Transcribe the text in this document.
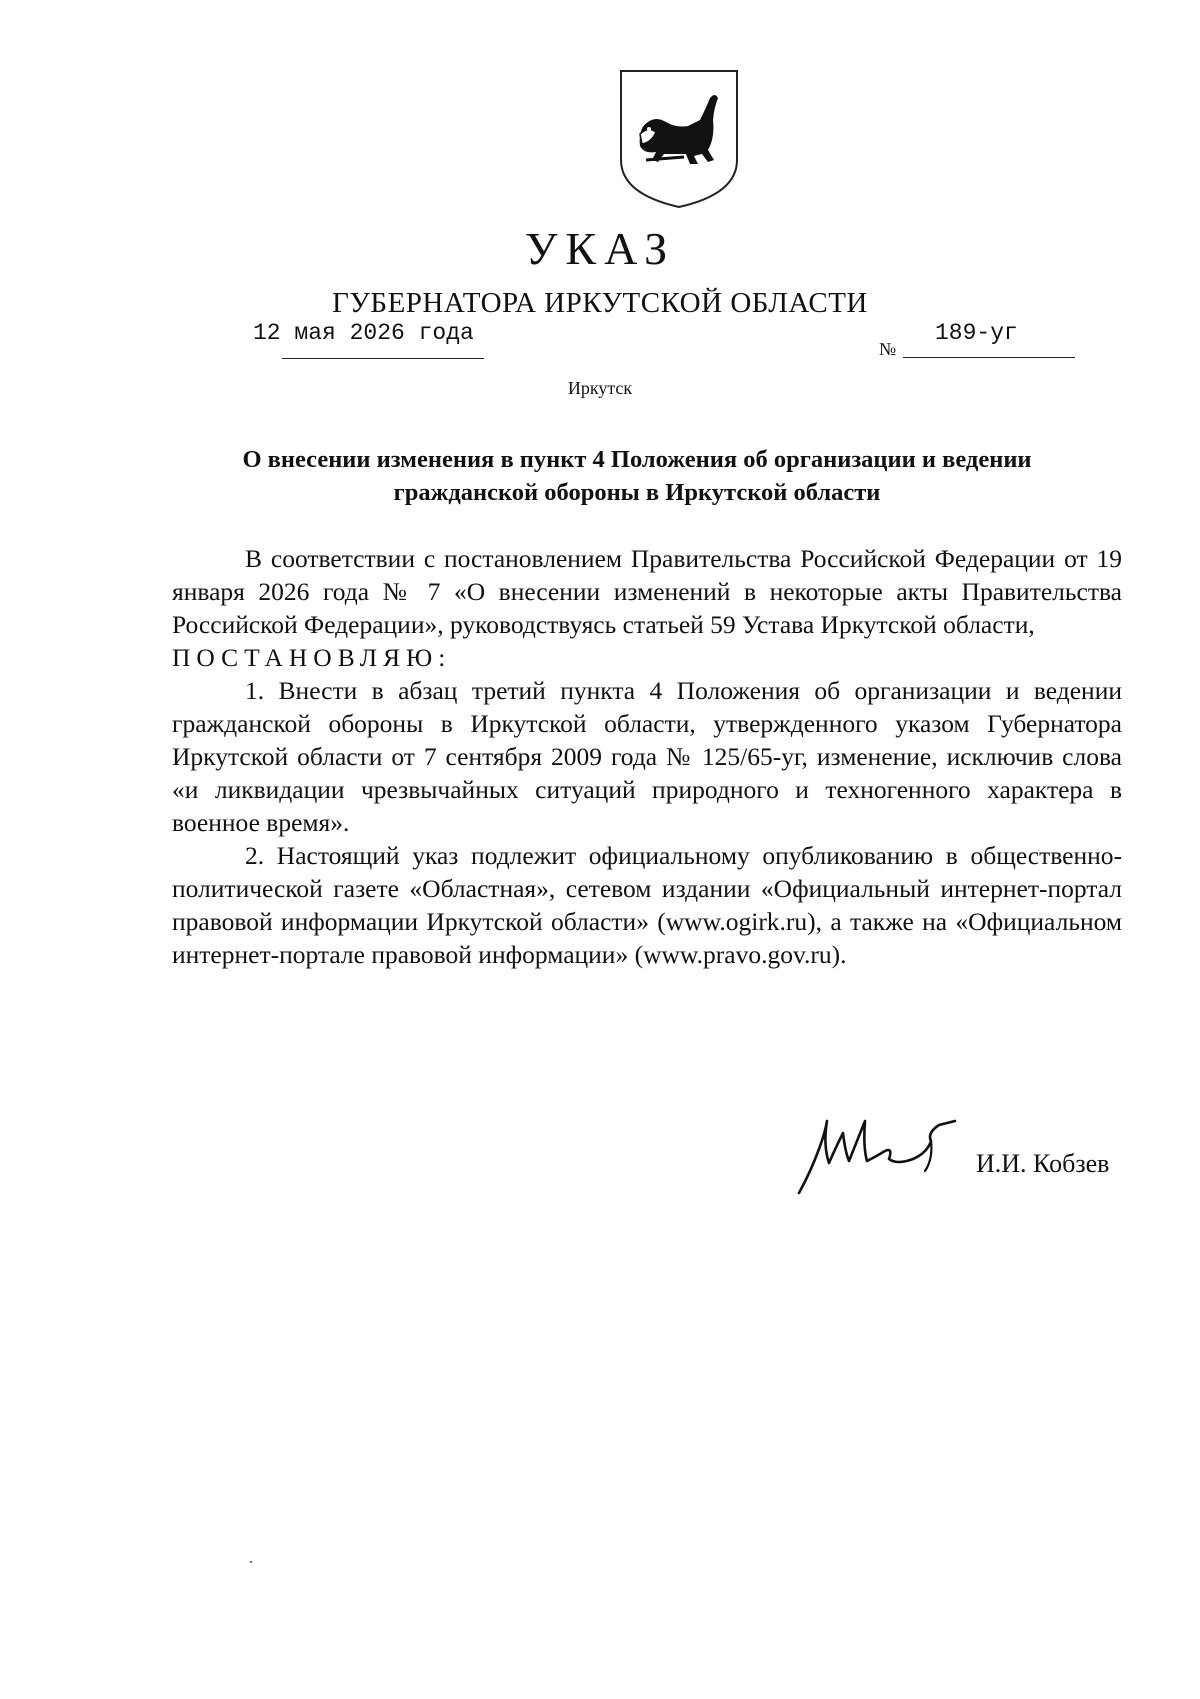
УКАЗ
ГУБЕРНАТОРА ИРКУТСКОЙ ОБЛАСТИ
12 мая 2026 года
№
189-уг
Иркутск
О внесении изменения в пункт 4 Положения об организации и ведении гражданской обороны в Иркутской области

В соответствии с постановлением Правительства Российской Федерации от 19 января 2026 года № 7 «О внесении изменений в некоторые акты Правительства Российской Федерации», руководствуясь статьей 59 Устава Иркутской области,

ПОСТАНОВЛЯЮ:

1. Внести в абзац третий пункта 4 Положения об организации и ведении гражданской обороны в Иркутской области, утвержденного указом Губернатора Иркутской области от 7 сентября 2009 года № 125/65-уг, изменение, исключив слова «и ликвидации чрезвычайных ситуаций природного и техногенного характера в военное время».

2. Настоящий указ подлежит официальному опубликованию в общественно-политической газете «Областная», сетевом издании «Официальный интернет-портал правовой информации Иркутской области» (www.ogirk.ru), а также на «Официальном интернет-портале правовой информации» (www.pravo.gov.ru).

И.И. Кобзев
